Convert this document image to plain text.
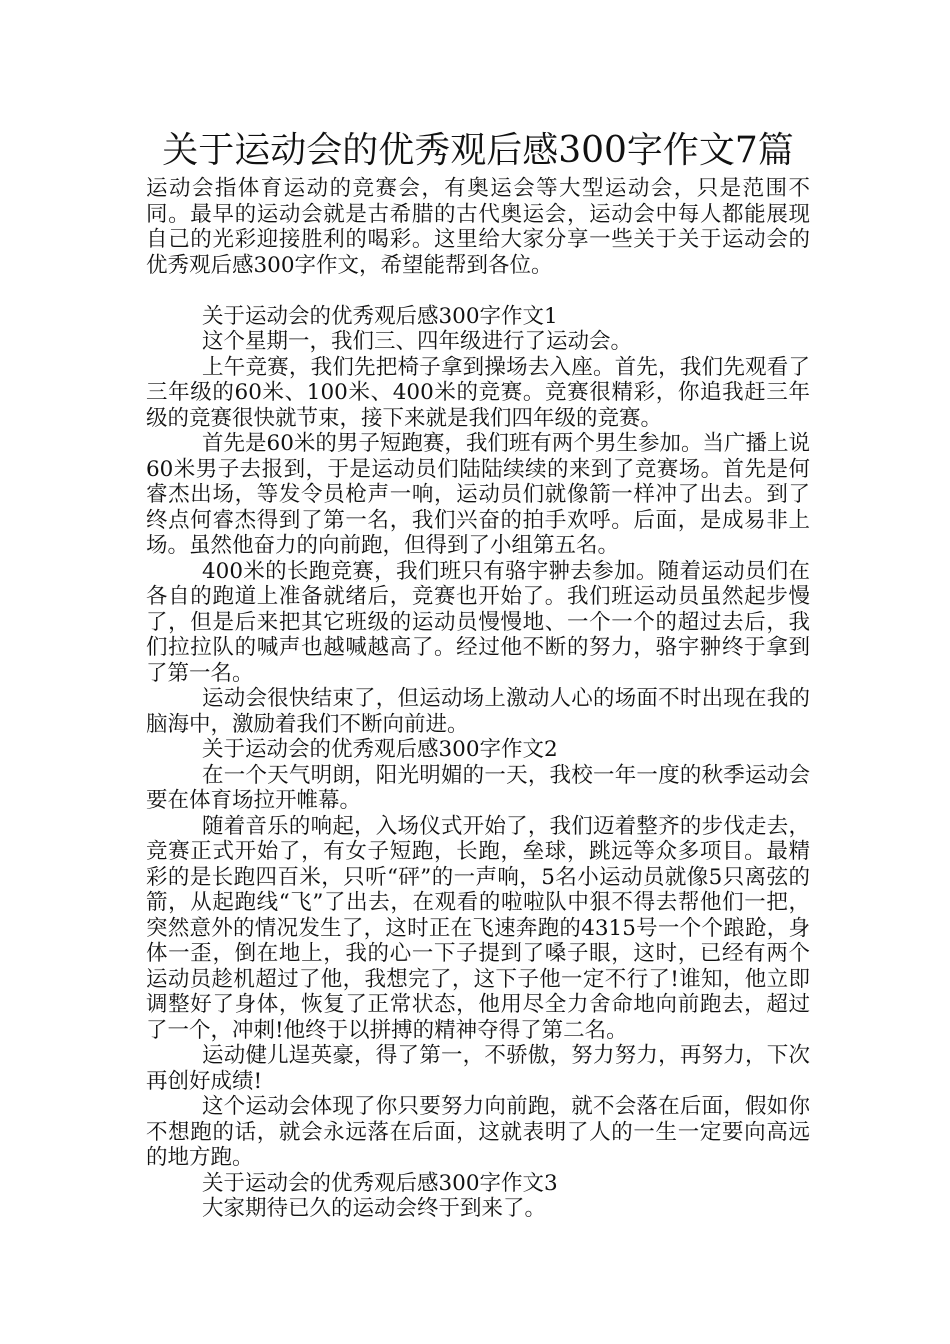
关于运动会的优秀观后感300字作文7篇

运动会指体育运动的竞赛会，有奥运会等大型运动会，只是范围不同。最早的运动会就是古希腊的古代奥运会，运动会中每人都能展现自己的光彩迎接胜利的喝彩。这里给大家分享一些关于关于运动会的优秀观后感300字作文，希望能帮到各位。

关于运动会的优秀观后感300字作文1

这个星期一，我们三、四年级进行了运动会。

上午竞赛，我们先把椅子拿到操场去入座。首先，我们先观看了三年级的60米、100米、400米的竞赛。竞赛很精彩，你追我赶三年级的竞赛很快就节束，接下来就是我们四年级的竞赛。

首先是60米的男子短跑赛，我们班有两个男生参加。当广播上说60米男子去报到，于是运动员们陆陆续续的来到了竞赛场。首先是何睿杰出场，等发令员枪声一响，运动员们就像箭一样冲了出去。到了终点何睿杰得到了第一名，我们兴奋的拍手欢呼。后面，是成易非上场。虽然他奋力的向前跑，但得到了小组第五名。

400米的长跑竞赛，我们班只有骆宇翀去参加。随着运动员们在各自的跑道上准备就绪后，竞赛也开始了。我们班运动员虽然起步慢了，但是后来把其它班级的运动员慢慢地、一个一个的超过去后，我们拉拉队的喊声也越喊越高了。经过他不断的努力，骆宇翀终于拿到了第一名。

运动会很快结束了，但运动场上激动人心的场面不时出现在我的脑海中，激励着我们不断向前进。

关于运动会的优秀观后感300字作文2

在一个天气明朗，阳光明媚的一天，我校一年一度的秋季运动会要在体育场拉开帷幕。

随着音乐的响起，入场仪式开始了，我们迈着整齐的步伐走去，竞赛正式开始了，有女子短跑，长跑，垒球，跳远等众多项目。最精彩的是长跑四百米，只听“砰”的一声响，5名小运动员就像5只离弦的箭，从起跑线“飞”了出去，在观看的啦啦队中狠不得去帮他们一把，突然意外的情况发生了，这时正在飞速奔跑的4315号一个个踉跄，身体一歪，倒在地上，我的心一下子提到了嗓子眼，这时，已经有两个运动员趁机超过了他，我想完了，这下子他一定不行了!谁知，他立即调整好了身体，恢复了正常状态，他用尽全力舍命地向前跑去，超过了一个，冲刺!他终于以拼搏的精神夺得了第二名。

运动健儿逞英豪，得了第一，不骄傲，努力努力，再努力，下次再创好成绩!

这个运动会体现了你只要努力向前跑，就不会落在后面，假如你不想跑的话，就会永远落在后面，这就表明了人的一生一定要向高远的地方跑。

关于运动会的优秀观后感300字作文3

大家期待已久的运动会终于到来了。
